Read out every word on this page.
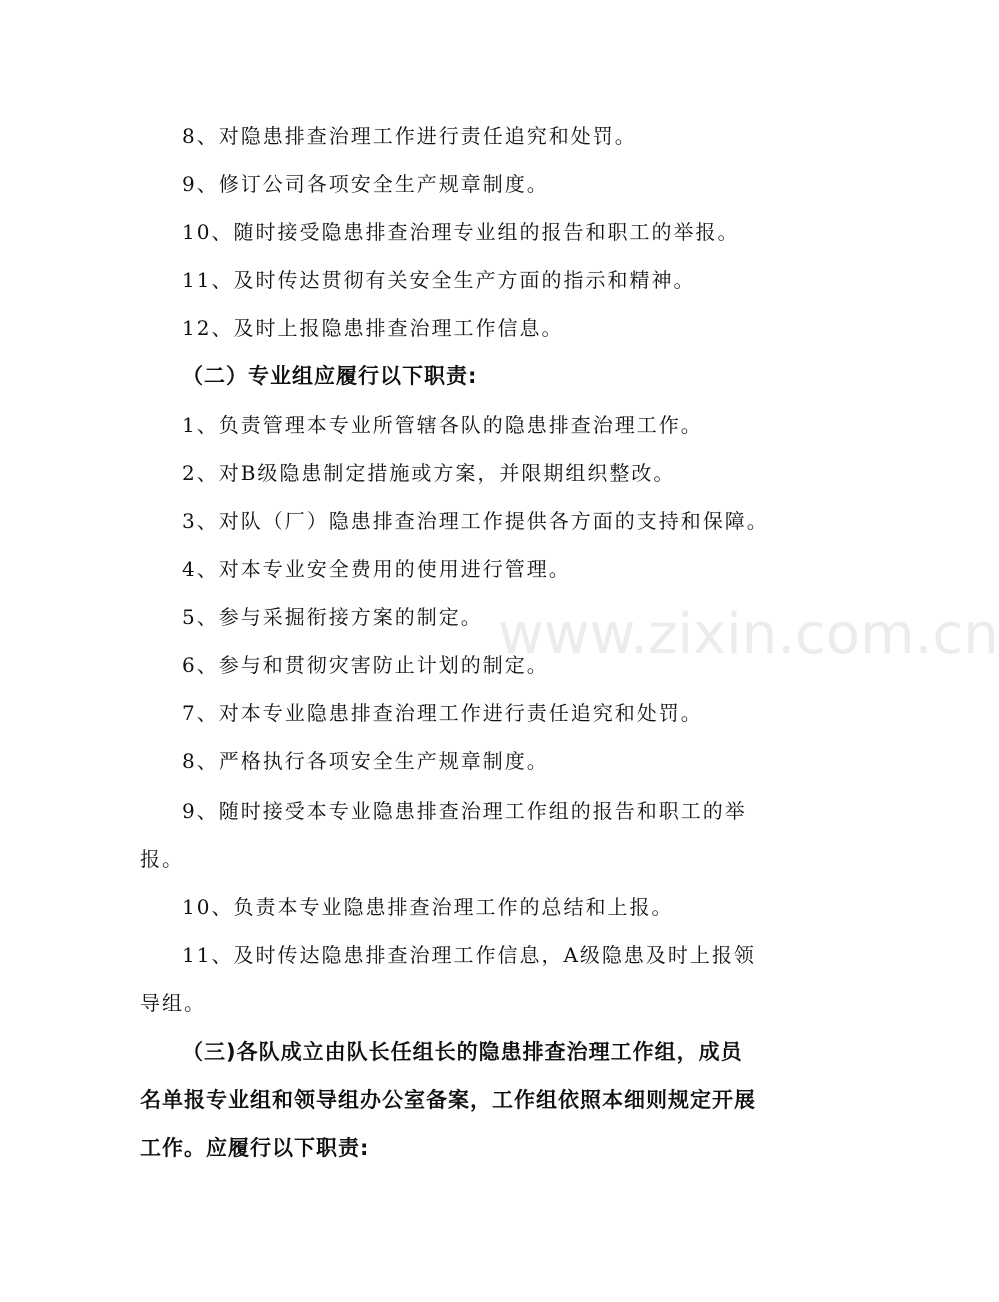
www.zixin.com.cn
8、对隐患排查治理工作进行责任追究和处罚。
9、修订公司各项安全生产规章制度。
10、随时接受隐患排查治理专业组的报告和职工的举报。
11、及时传达贯彻有关安全生产方面的指示和精神。
12、及时上报隐患排查治理工作信息。
（二）专业组应履行以下职责:
1、负责管理本专业所管辖各队的隐患排查治理工作。
2、对B级隐患制定措施或方案，并限期组织整改。
3、对队（厂）隐患排查治理工作提供各方面的支持和保障。
4、对本专业安全费用的使用进行管理。
5、参与采掘衔接方案的制定。
6、参与和贯彻灾害防止计划的制定。
7、对本专业隐患排查治理工作进行责任追究和处罚。
8、严格执行各项安全生产规章制度。
9、随时接受本专业隐患排查治理工作组的报告和职工的举
报。
10、负责本专业隐患排查治理工作的总结和上报。
11、及时传达隐患排查治理工作信息，A级隐患及时上报领
导组。
（三)各队成立由队长任组长的隐患排查治理工作组，成员
名单报专业组和领导组办公室备案，工作组依照本细则规定开展
工作。应履行以下职责:
